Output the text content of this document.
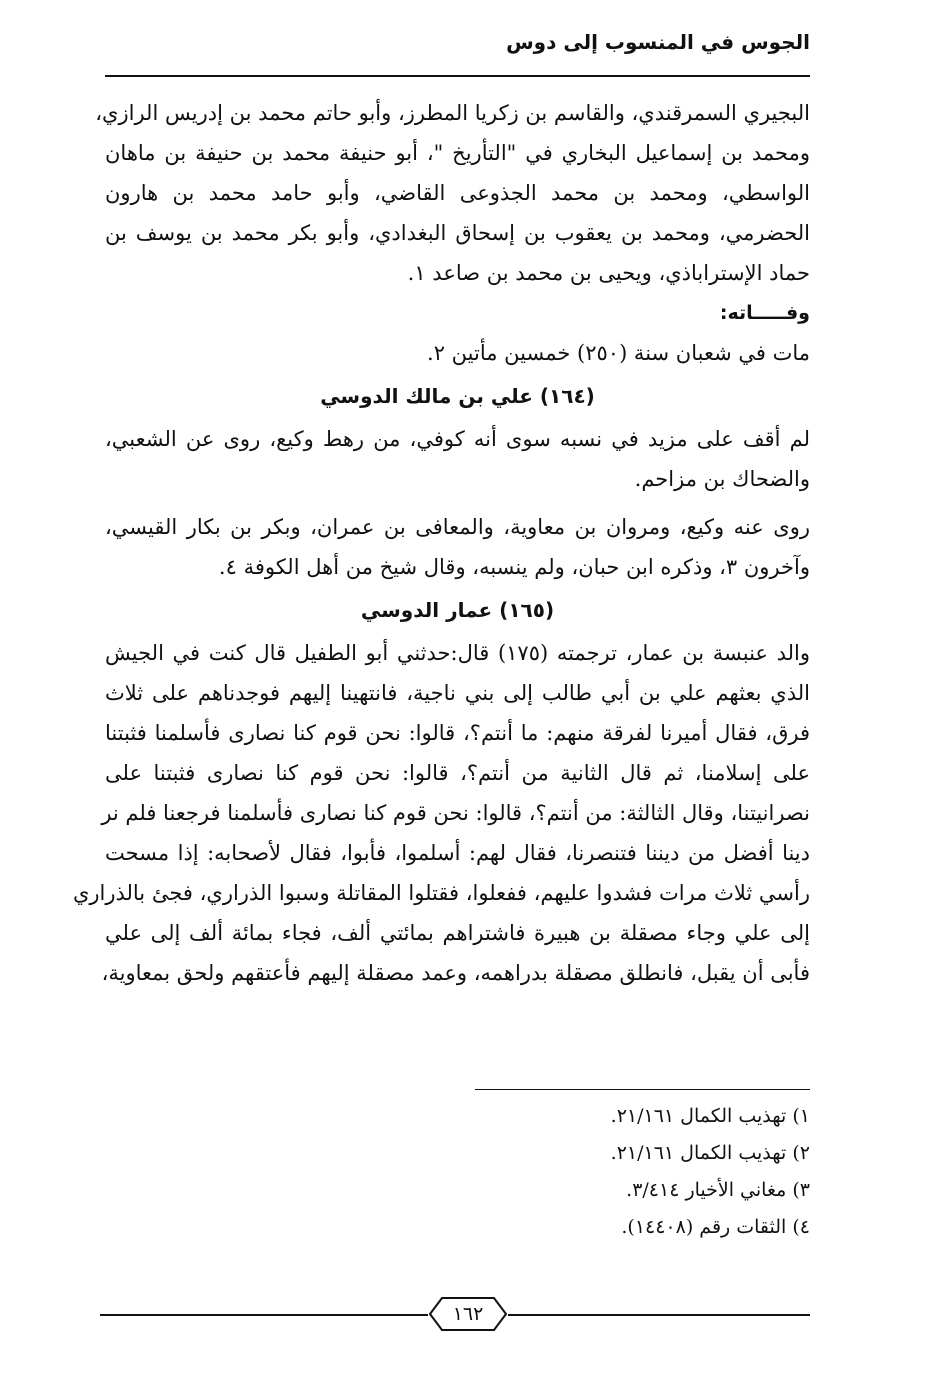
الجوس في المنسوب إلى دوس
البجيري السمرقندي، والقاسم بن زكريا المطرز، وأبو حاتم محمد بن إدريس الرازي،
ومحمد بن إسماعيل البخاري في "التأريخ "، أبو حنيفة محمد بن حنيفة بن ماهان
الواسطي، ومحمد بن محمد الجذوعى القاضي، وأبو حامد محمد بن هارون
الحضرمي، ومحمد بن يعقوب بن إسحاق البغدادي، وأبو بكر محمد بن يوسف بن
حماد الإستراباذي، ويحيى بن محمد بن صاعد ١.
وفـــــاته:
مات في شعبان سنة (٢٥٠) خمسين مأتين ٢.
(١٦٤) علي بن مالك الدوسي
لم أقف على مزيد في نسبه سوى أنه كوفي، من رهط وكيع، روى عن الشعبي،
والضحاك بن مزاحم.
روى عنه وكيع، ومروان بن معاوية، والمعافى بن عمران، وبكر بن بكار القيسي،
وآخرون ٣، وذكره ابن حبان، ولم ينسبه، وقال شيخ من أهل الكوفة ٤.
(١٦٥) عمار الدوسي
والد عنبسة بن عمار، ترجمته (١٧٥) قال:حدثني أبو الطفيل قال كنت في الجيش
الذي بعثهم علي بن أبي طالب إلى بني ناجية، فانتهينا إليهم فوجدناهم على ثلاث
فرق، فقال أميرنا لفرقة منهم: ما أنتم؟، قالوا: نحن قوم كنا نصارى فأسلمنا فثبتنا
على إسلامنا، ثم قال الثانية من أنتم؟، قالوا: نحن قوم كنا نصارى فثبتنا على
نصرانيتنا، وقال الثالثة: من أنتم؟، قالوا: نحن قوم كنا نصارى فأسلمنا فرجعنا فلم نر
دينا أفضل من ديننا فتنصرنا، فقال لهم: أسلموا، فأبوا، فقال لأصحابه: إذا مسحت
رأسي ثلاث مرات فشدوا عليهم، ففعلوا، فقتلوا المقاتلة وسبوا الذراري، فجئ بالذراري
إلى علي وجاء مصقلة بن هبيرة فاشتراهم بمائتي ألف، فجاء بمائة ألف إلى علي
فأبى أن يقبل، فانطلق مصقلة بدراهمه، وعمد مصقلة إليهم فأعتقهم ولحق بمعاوية،
١) تهذيب الكمال ٢١/١٦١.
٢) تهذيب الكمال ٢١/١٦١.
٣) مغاني الأخيار ٣/٤١٤.
٤) الثقات رقم (١٤٤٠٨).
١٦٢
